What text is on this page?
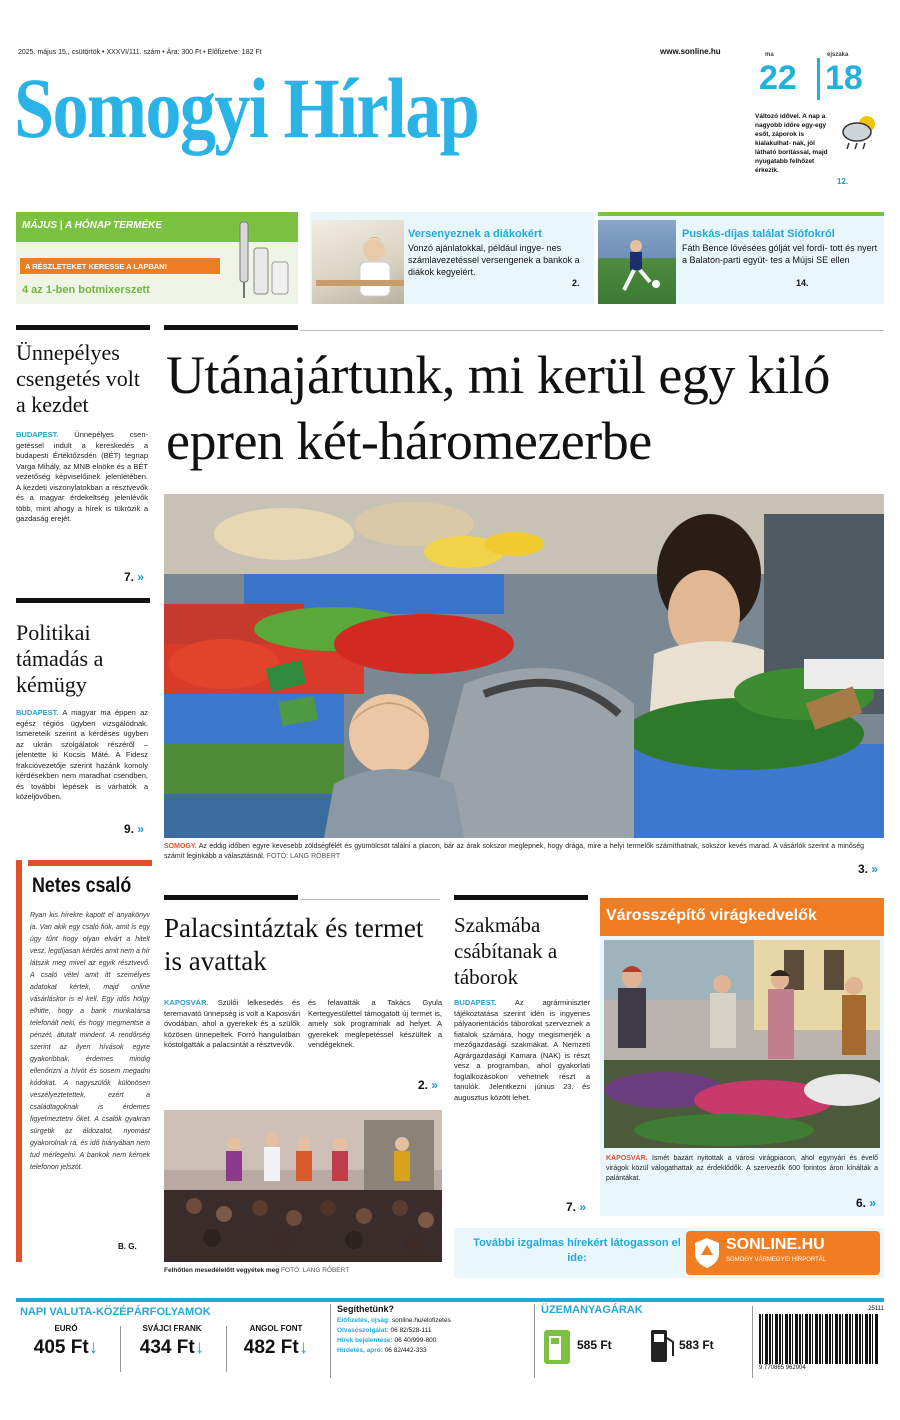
2025. május 15., csütörtök • XXXVI/111. szám • Ára: 300 Ft • Előfizetve: 182 Ft	www.sonline.hu
Somogyi Hírlap
ma	éjszaka
22 18
Változó idővel. A nap a nagyobb időre egy-egy esőt, záporok is kialakulhat- nak, jól látható borítással, majd nyugatabb felhőzet érkezik.
12.
MÁJUS | A HÓNAP TERMÉKE
A RÉSZLETEKET KERESSE A LAPBAN!
4 az 1-ben botmixerszett
Versenyeznek a diákokért
Vonzó ajánlatokkal, például ingye- nes számlavezetéssel versengenek a bankok a diákok kegyeiért.
2.
Puskás-díjas találat Siófokról
Fáth Bence lövésées gólját vel fordí- tott és nyert a Balaton-parti együt- tes a Mújsi SE ellen
14.
Ünnepélyes csengetés volt a kezdet
BUDAPEST. Ünnepélyes csen- getéssel indult a kereskedés a budapesti Értéktőzsdén (BÉT) tegnap Varga Mihály, az MNB elnöke és a BÉT vezetőség képviselőinek jelenlétében. A kezdeti viszonylatokban a résztvevők és a magyar érdekeltség jelenlévők több, mint ahogy a hírek is tükrözik a gazdaság erejét.
7. »
Politikai támadás a kémügy
BUDAPEST. A magyar ma éppen az egész régiós ügyben vizsgálódnak. Ismereteik szerint a kérdéses ügyben az ukrán szolgálatok részéről – jelentette ki Kocsis Máté. A Fidesz frakcióvezetője szerint hazánk komoly kérdésekben nem maradhat csendben, és további lépések is várhatók a közeljövőben.
9. »
Netes csaló
Ryan kis hírekre kapott el anyakönyv ja. Van akik egy csaló fiók, amit is egy úgy tűnt hogy olyan elvárt a hitelt vesz, legdíjasan kérdés amit nem a hír látszik meg mivel az egyik résztvevő. A csaló vétel amit itt személyes adatokat kértek, majd online vásárláskor is el kell. Egy idős hölgy elhitte, hogy a bank munkatársa telefonált neki, és hogy megmentse a pénzét, átutalt mindent. A rendőrség szerint az ilyen hívások egyre gyakoribbak, érdemes mindig ellenőrizni a hívót és sosem megadni kódokat. A nagyszülők különösen veszélyeztetettek, ezért a családtagoknak is érdemes figyelmeztetni őket. A csalók gyakran sürgetik az áldozatot, nyomást gyakorolnak rá, és idő hiányában nem tud mérlegelni. A bankok nem kérnek telefonon jelszót.
B. G.
Utánajártunk, mi kerül egy kiló epren két-háromezerbe
SOMOGY. Az eddig időben egyre kevesebb zöldségfélét és gyümölcsöt találni a piacon, bár az árak sokszor meglepnek, hogy drága, mire a helyi termelők számíthatnak, sokszor kevés marad. A vásárlók szerint a minőség számít leginkább a választásnál. FOTÓ: LANG RÓBERT
3. »
Palacsintáztak és termet is avattak
KAPOSVÁR. Szülői lelkesedés és teremavató ünnepség is volt a Kaposvári óvodában, ahol a gyerekek és a szülők közösen ünnepeltek. Forró hangulatban kóstolgatták a palacsintát a résztvevők.
és felavatták a Takács Gyula Kertegyesülettel támogatott új termet is, amely sok programnak ad helyet. A gyerekek meglepetéssel készültek a vendégeknek.
2. »
Felhőtlen mesedélelőtt vegyétek meg FOTÓ: LANG RÓBERT
Szakmába csábítanak a táborok
BUDAPEST. Az agrárminiszter tájékoztatása szerint idén is ingyenes pályaorientációs táborokat szerveznek a fiatalok számára, hogy megismerjék a mezőgazdasági szakmákat. A Nemzeti Agrárgazdasági Kamara (NAK) is részt vesz a programban, ahol gyakorlati foglalkozásokon vehetnek részt a tanulók. Jelentkezni június 23. és augusztus között lehet.
7. »
Városszépítő virágkedvelők
KAPOSVÁR. Ismét bazárt nyitottak a városi virágpiacon, ahol egynyári és évelő virágok közül válogathattak az érdeklődők. A szervezők 600 forintos áron kínálták a palántákat.
6. »
További izgalmas hírekért látogasson el ide:
SONLINE.HU
SOMOGY VÁRMEGYEI HÍRPORTÁL
NAPI VALUTA-KÖZÉPÁRFOLYAMOK
EURÓ
405 Ft↓
SVÁJCI FRANK
434 Ft↓
ANGOL FONT
482 Ft↓
Segíthetünk?
Előfizetés, újság: sonline.hu/elofizetes
Olvasószolgálat: 06 82/528-111
Hírek bejelentése: 06 40/999-800
Hirdetés, apró: 06 82/442-333
ÜZEMANYAGÁRAK
585 Ft	583 Ft
25111
9 770865 962004
